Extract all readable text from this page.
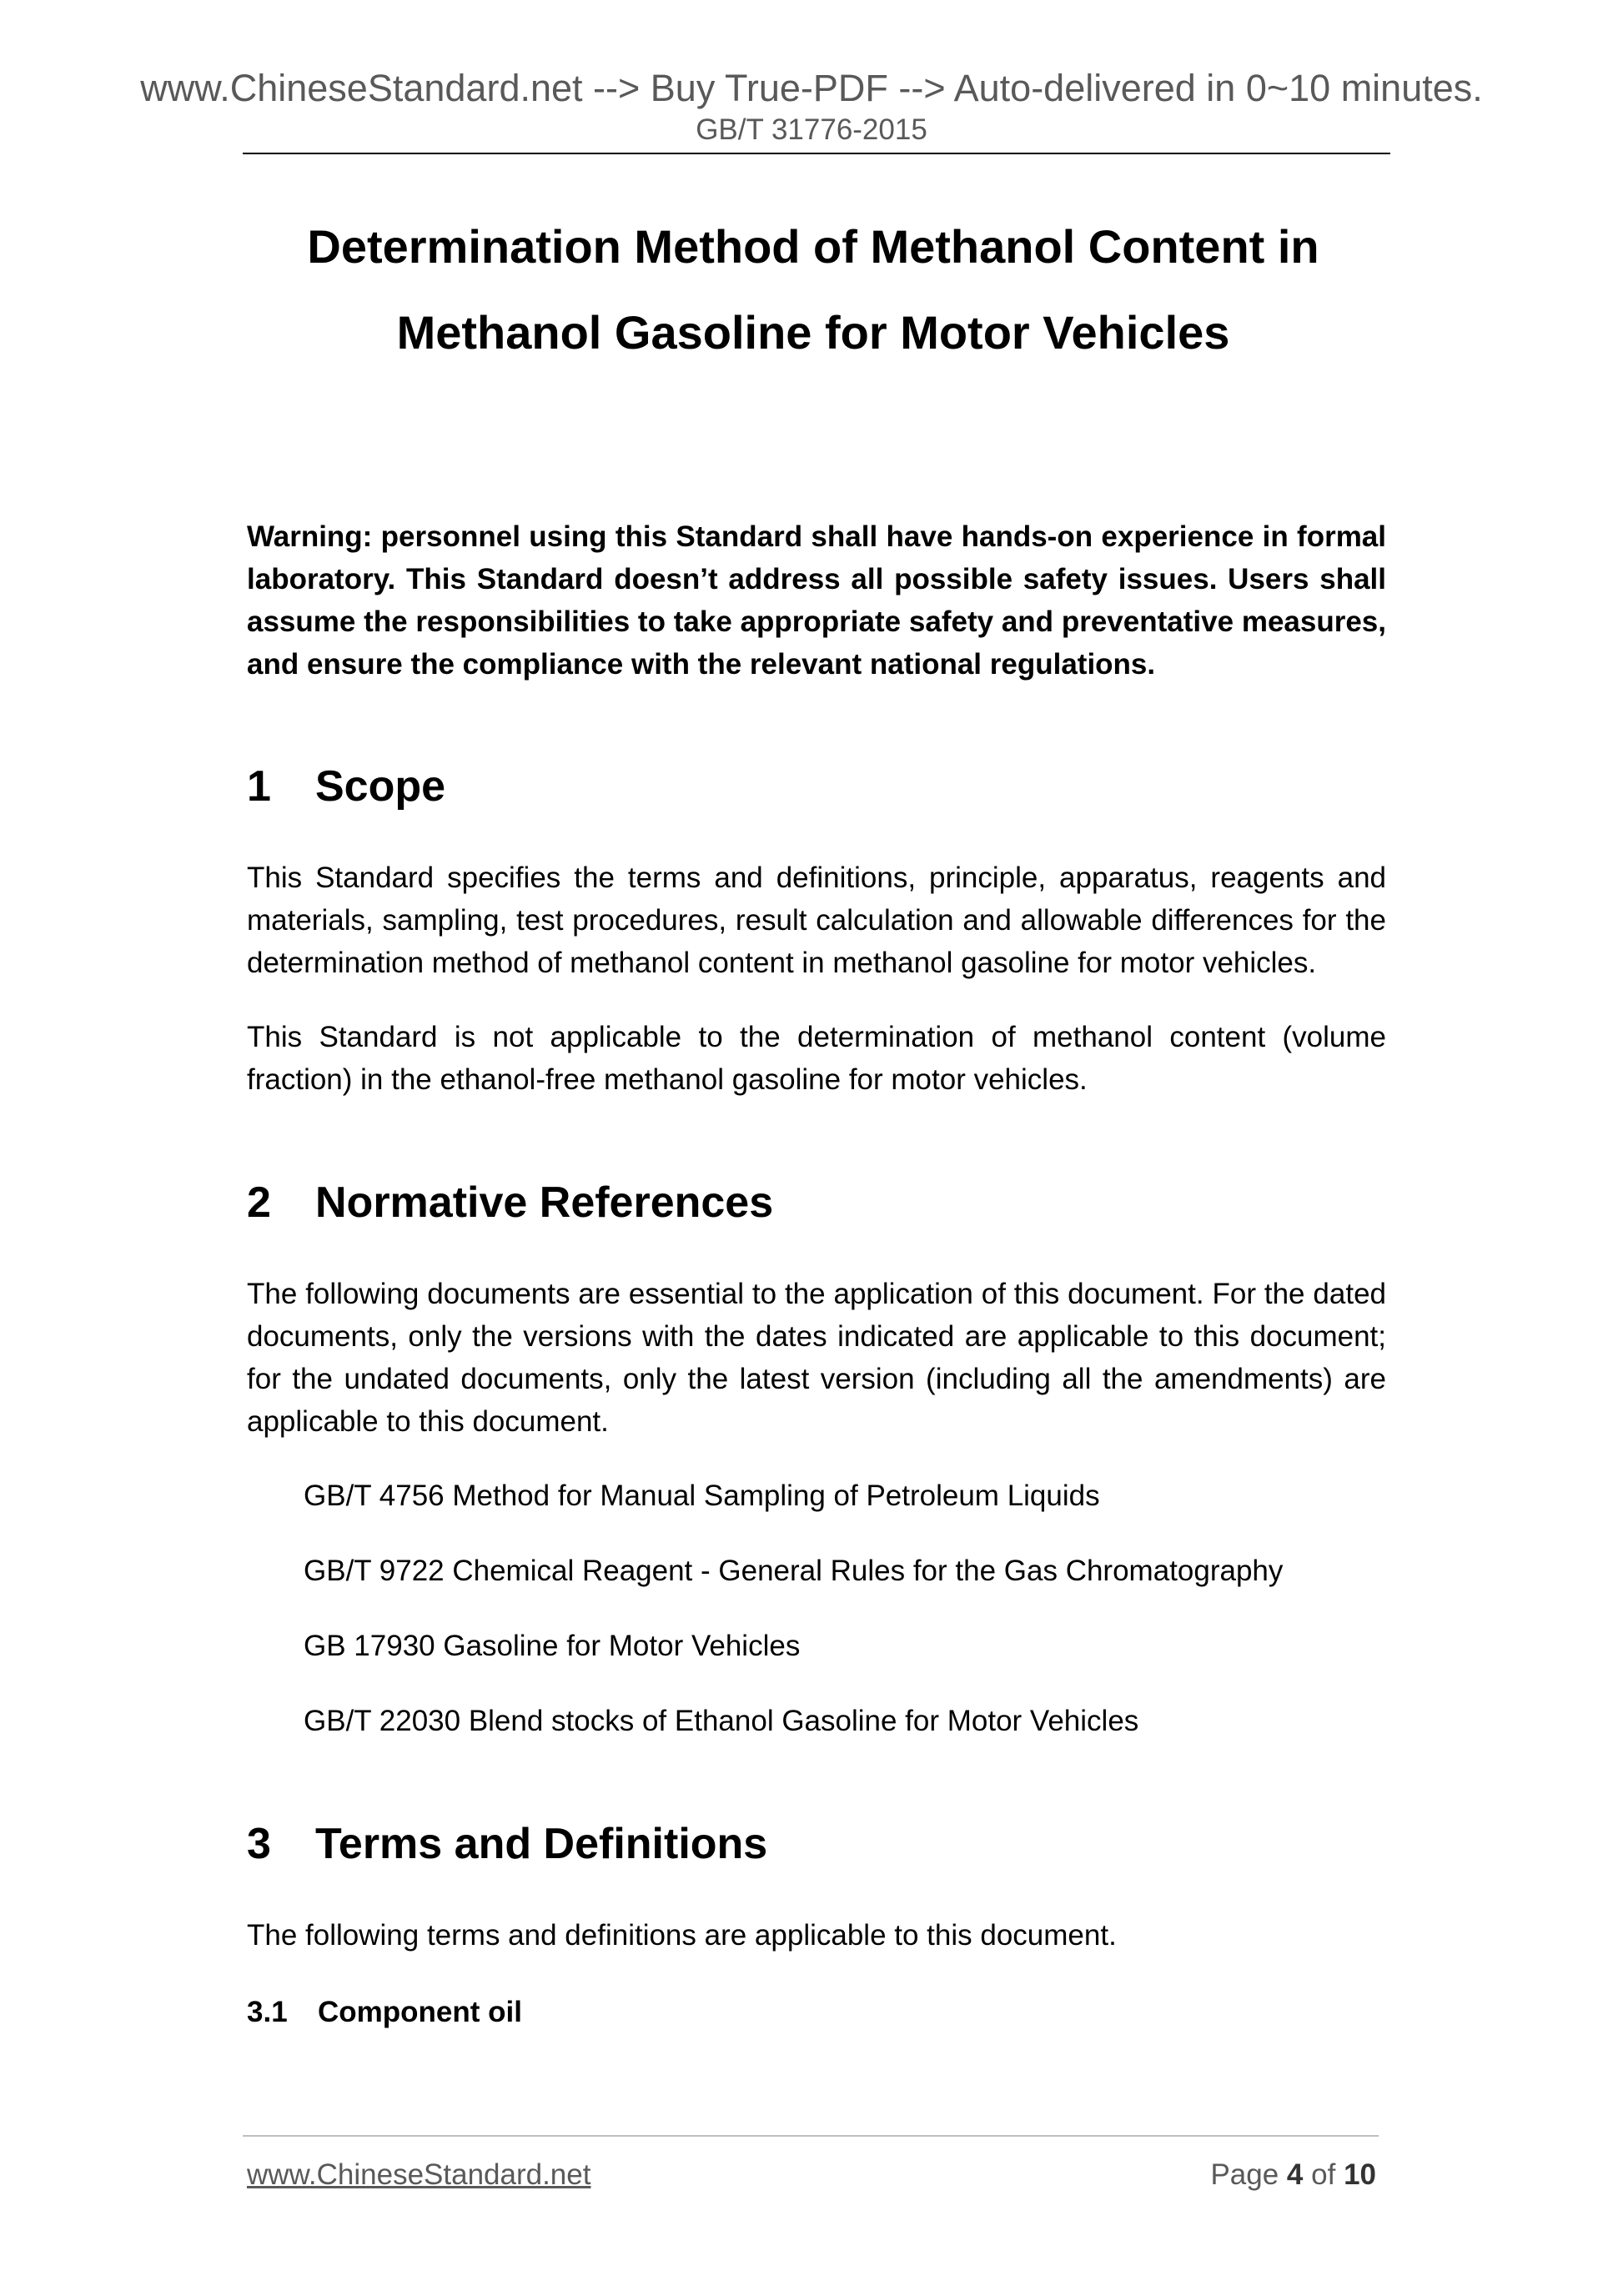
www.ChineseStandard.net --> Buy True-PDF --> Auto-delivered in 0~10 minutes.
GB/T 31776-2015
Determination Method of Methanol Content in
Methanol Gasoline for Motor Vehicles

Warning: personnel using this Standard shall have hands-on experience in formal laboratory. This Standard doesn’t address all possible safety issues. Users shall assume the responsibilities to take appropriate safety and preventative measures, and ensure the compliance with the relevant national regulations.

1 Scope

This Standard specifies the terms and definitions, principle, apparatus, reagents and materials, sampling, test procedures, result calculation and allowable differences for the determination method of methanol content in methanol gasoline for motor vehicles.

This Standard is not applicable to the determination of methanol content (volume fraction) in the ethanol-free methanol gasoline for motor vehicles.

2 Normative References

The following documents are essential to the application of this document. For the dated documents, only the versions with the dates indicated are applicable to this document; for the undated documents, only the latest version (including all the amendments) are applicable to this document.

GB/T 4756 Method for Manual Sampling of Petroleum Liquids

GB/T 9722 Chemical Reagent - General Rules for the Gas Chromatography

GB 17930 Gasoline for Motor Vehicles

GB/T 22030 Blend stocks of Ethanol Gasoline for Motor Vehicles

3 Terms and Definitions

The following terms and definitions are applicable to this document.

3.1 Component oil

www.ChineseStandard.net	Page 4 of 10
